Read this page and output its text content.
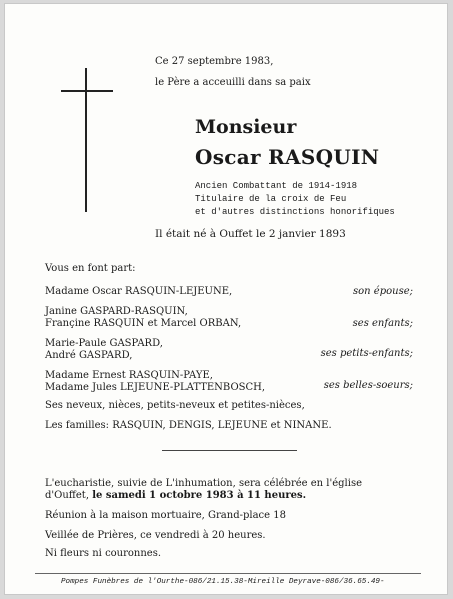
Ce 27 septembre 1983,
le Père a acceuilli dans sa paix
Monsieur
Oscar RASQUIN
Ancien Combattant de 1914-1918
Titulaire de la croix de Feu
et d'autres distinctions honorifiques
Il était né à Ouffet le 2 janvier 1893
Vous en font part:
Madame Oscar RASQUIN-LEJEUNE,	son épouse;
Janine GASPARD-RASQUIN,
Françine RASQUIN et Marcel ORBAN,	ses enfants;
Marie-Paule GASPARD,
André GASPARD,	ses petits-enfants;
Madame Ernest RASQUIN-PAYE,
Madame Jules LEJEUNE-PLATTENBOSCH,	ses belles-soeurs;
Ses neveux, nièces, petits-neveux et petites-nièces,
Les familles: RASQUIN, DENGIS, LEJEUNE et NINANE.
L'eucharistie, suivie de L'inhumation, sera célébrée en l'église
d'Ouffet, le samedi 1 octobre 1983 à 11 heures.
Réunion à la maison mortuaire, Grand-place 18
Veillée de Prières, ce vendredi à 20 heures.
Ni fleurs ni couronnes.
Pompes Funèbres de l'Ourthe-086/21.15.38-Mireille Deyrave-086/36.65.49-
